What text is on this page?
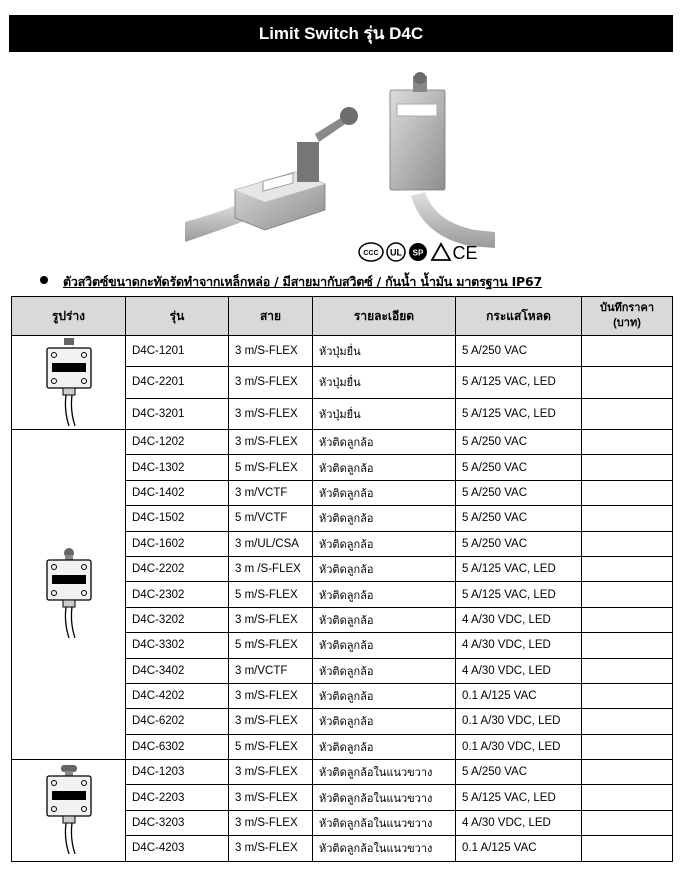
Limit Switch รุ่น D4C
CCC UL SP CE
ตัวสวิตซ์ขนาดกะทัดรัดทำจากเหล็กหล่อ / มีสายมากับสวิตซ์ / กันน้ำ น้ำมัน มาตรฐาน IP67
รูปร่าง	รุ่น	สาย	รายละเอียด	กระแสโหลด	บันทึกราคา (บาท)
	D4C-1201	3 m/S-FLEX	หัวปุ่มยื่น	5 A/250 VAC	
	D4C-2201	3 m/S-FLEX	หัวปุ่มยื่น	5 A/125 VAC, LED	
	D4C-3201	3 m/S-FLEX	หัวปุ่มยื่น	5 A/125 VAC, LED	
	D4C-1202	3 m/S-FLEX	หัวติดลูกล้อ	5 A/250 VAC	
	D4C-1302	5 m/S-FLEX	หัวติดลูกล้อ	5 A/250 VAC	
	D4C-1402	3 m/VCTF	หัวติดลูกล้อ	5 A/250 VAC	
	D4C-1502	5 m/VCTF	หัวติดลูกล้อ	5 A/250 VAC	
	D4C-1602	3 m/UL/CSA	หัวติดลูกล้อ	5 A/250 VAC	
	D4C-2202	3 m /S-FLEX	หัวติดลูกล้อ	5 A/125 VAC, LED	
	D4C-2302	5 m/S-FLEX	หัวติดลูกล้อ	5 A/125 VAC, LED	
	D4C-3202	3 m/S-FLEX	หัวติดลูกล้อ	4 A/30 VDC, LED	
	D4C-3302	5 m/S-FLEX	หัวติดลูกล้อ	4 A/30 VDC, LED	
	D4C-3402	3 m/VCTF	หัวติดลูกล้อ	4 A/30 VDC, LED	
	D4C-4202	3 m/S-FLEX	หัวติดลูกล้อ	0.1 A/125 VAC	
	D4C-6202	3 m/S-FLEX	หัวติดลูกล้อ	0.1 A/30 VDC, LED	
	D4C-6302	5 m/S-FLEX	หัวติดลูกล้อ	0.1 A/30 VDC, LED	
	D4C-1203	3 m/S-FLEX	หัวติดลูกล้อในแนวขวาง	5 A/250 VAC	
	D4C-2203	3 m/S-FLEX	หัวติดลูกล้อในแนวขวาง	5 A/125 VAC, LED	
	D4C-3203	3 m/S-FLEX	หัวติดลูกล้อในแนวขวาง	4 A/30 VDC, LED	
	D4C-4203	3 m/S-FLEX	หัวติดลูกล้อในแนวขวาง	0.1 A/125 VAC	
